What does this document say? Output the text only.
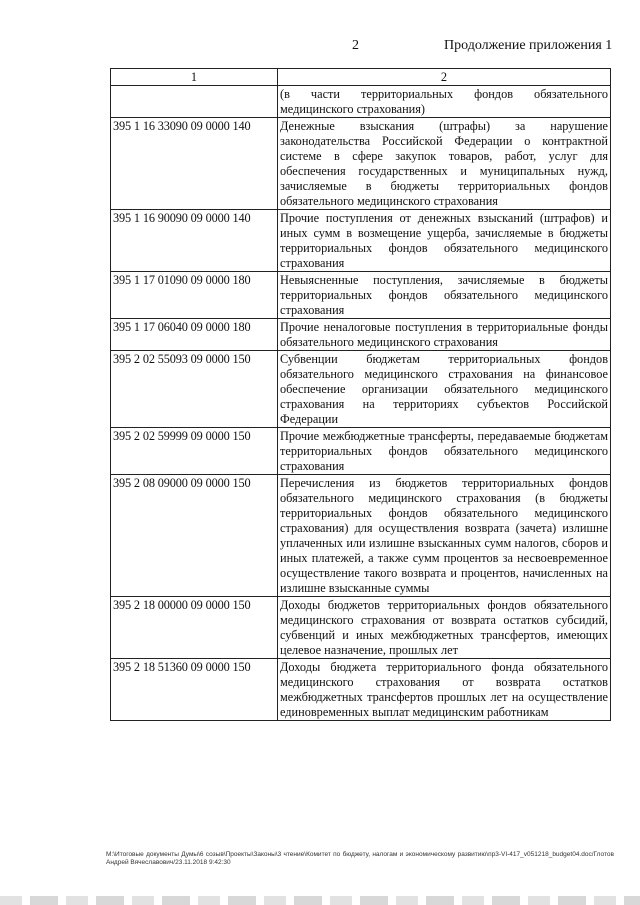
2	Продолжение приложения 1
1	2
	(в части территориальных фондов обязательного медицинского страхования)
395 1 16 33090 09 0000 140	Денежные взыскания (штрафы) за нарушение законодательства Российской Федерации о контрактной системе в сфере закупок товаров, работ, услуг для обеспечения государственных и муниципальных нужд, зачисляемые в бюджеты территориальных фондов обязательного медицинского страхования
395 1 16 90090 09 0000 140	Прочие поступления от денежных взысканий (штрафов) и иных сумм в возмещение ущерба, зачисляемые в бюджеты территориальных фондов обязательного медицинского страхования
395 1 17 01090 09 0000 180	Невыясненные поступления, зачисляемые в бюджеты территориальных фондов обязательного медицинского страхования
395 1 17 06040 09 0000 180	Прочие неналоговые поступления в территориальные фонды обязательного медицинского страхования
395 2 02 55093 09 0000 150	Субвенции бюджетам территориальных фондов обязательного медицинского страхования на финансовое обеспечение организации обязательного медицинского страхования на территориях субъектов Российской Федерации
395 2 02 59999 09 0000 150	Прочие межбюджетные трансферты, передаваемые бюджетам территориальных фондов обязательного медицинского страхования
395 2 08 09000 09 0000 150	Перечисления из бюджетов территориальных фондов обязательного медицинского страхования (в бюджеты территориальных фондов обязательного медицинского страхования) для осуществления возврата (зачета) излишне уплаченных или излишне взысканных сумм налогов, сборов и иных платежей, а также сумм процентов за несвоевременное осуществление такого возврата и процентов, начисленных на излишне взысканные суммы
395 2 18 00000 09 0000 150	Доходы бюджетов территориальных фондов обязательного медицинского страхования от возврата остатков субсидий, субвенций и иных межбюджетных трансфертов, имеющих целевое назначение, прошлых лет
395 2 18 51360 09 0000 150	Доходы бюджета территориального фонда обязательного медицинского страхования от возврата остатков межбюджетных трансфертов прошлых лет на осуществление единовременных выплат медицинским работникам
М:\Итоговые документы Думы\6 созыв\Проекты\Законы\3 чтение\Комитет по бюджету, налогам и экономическому развитию\пр3-VI-417_v051218_budget04.doc/Глотов Андрей Вячеславович/23.11.2018 9:42:30
